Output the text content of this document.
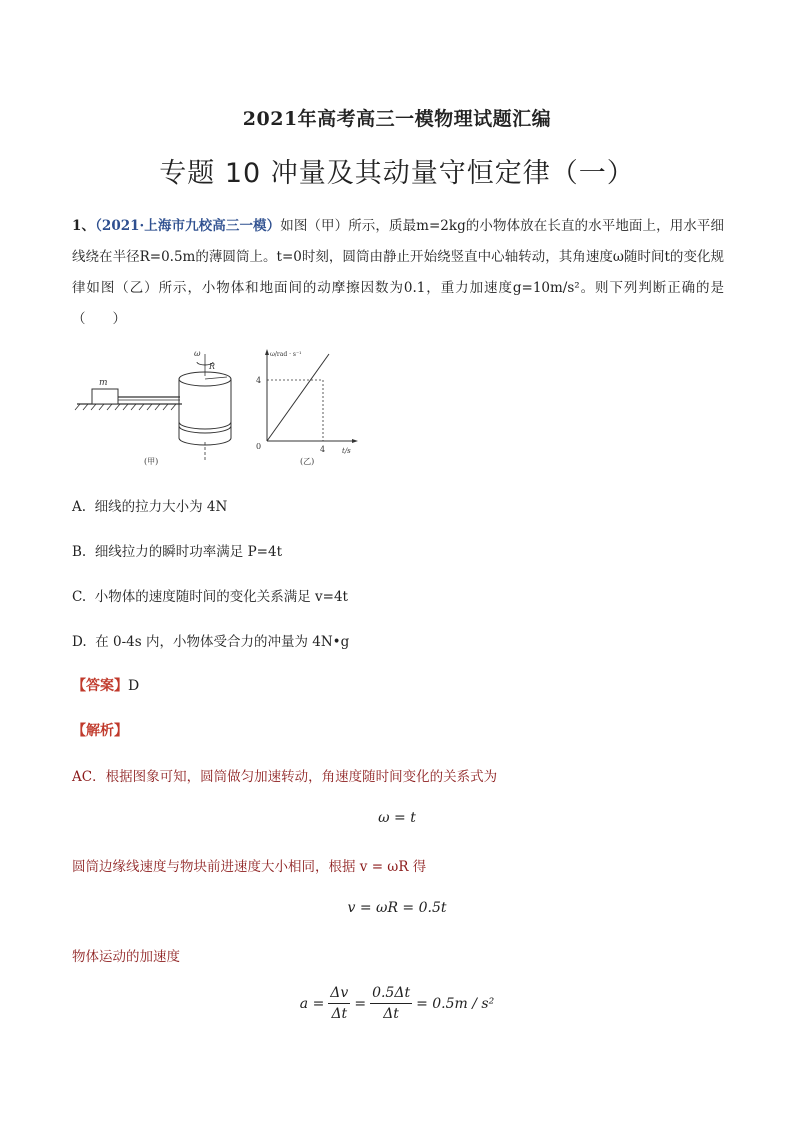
2021年高考高三一模物理试题汇编
专题 10 冲量及其动量守恒定律（一）
1、（2021·上海市九校高三一模）如图（甲）所示，质最m=2kg的小物体放在长直的水平地面上，用水平细线绕在半径R=0.5m的薄圆筒上。t=0时刻，圆筒由静止开始绕竖直中心轴转动，其角速度ω随时间t的变化规律如图（乙）所示，小物体和地面间的动摩擦因数为0.1，重力加速度g=10m/s²。则下列判断正确的是（　　）
m
R
ω
(甲)
ω/rad · s⁻¹
t/s
4
4
0
(乙)
A. 细线的拉力大小为 4N
B. 细线拉力的瞬时功率满足 P=4t
C. 小物体的速度随时间的变化关系满足 v=4t
D. 在 0-4s 内，小物体受合力的冲量为 4N•g
【答案】D
【解析】
AC．根据图象可知，圆筒做匀加速转动，角速度随时间变化的关系式为
ω = t
圆筒边缘线速度与物块前进速度大小相同，根据 v = ωR 得
v = ωR = 0.5t
物体运动的加速度
$a = \frac{\Delta v}{\Delta t} = \frac{0.5\Delta t}{\Delta t} = 0.5m / s^2$
